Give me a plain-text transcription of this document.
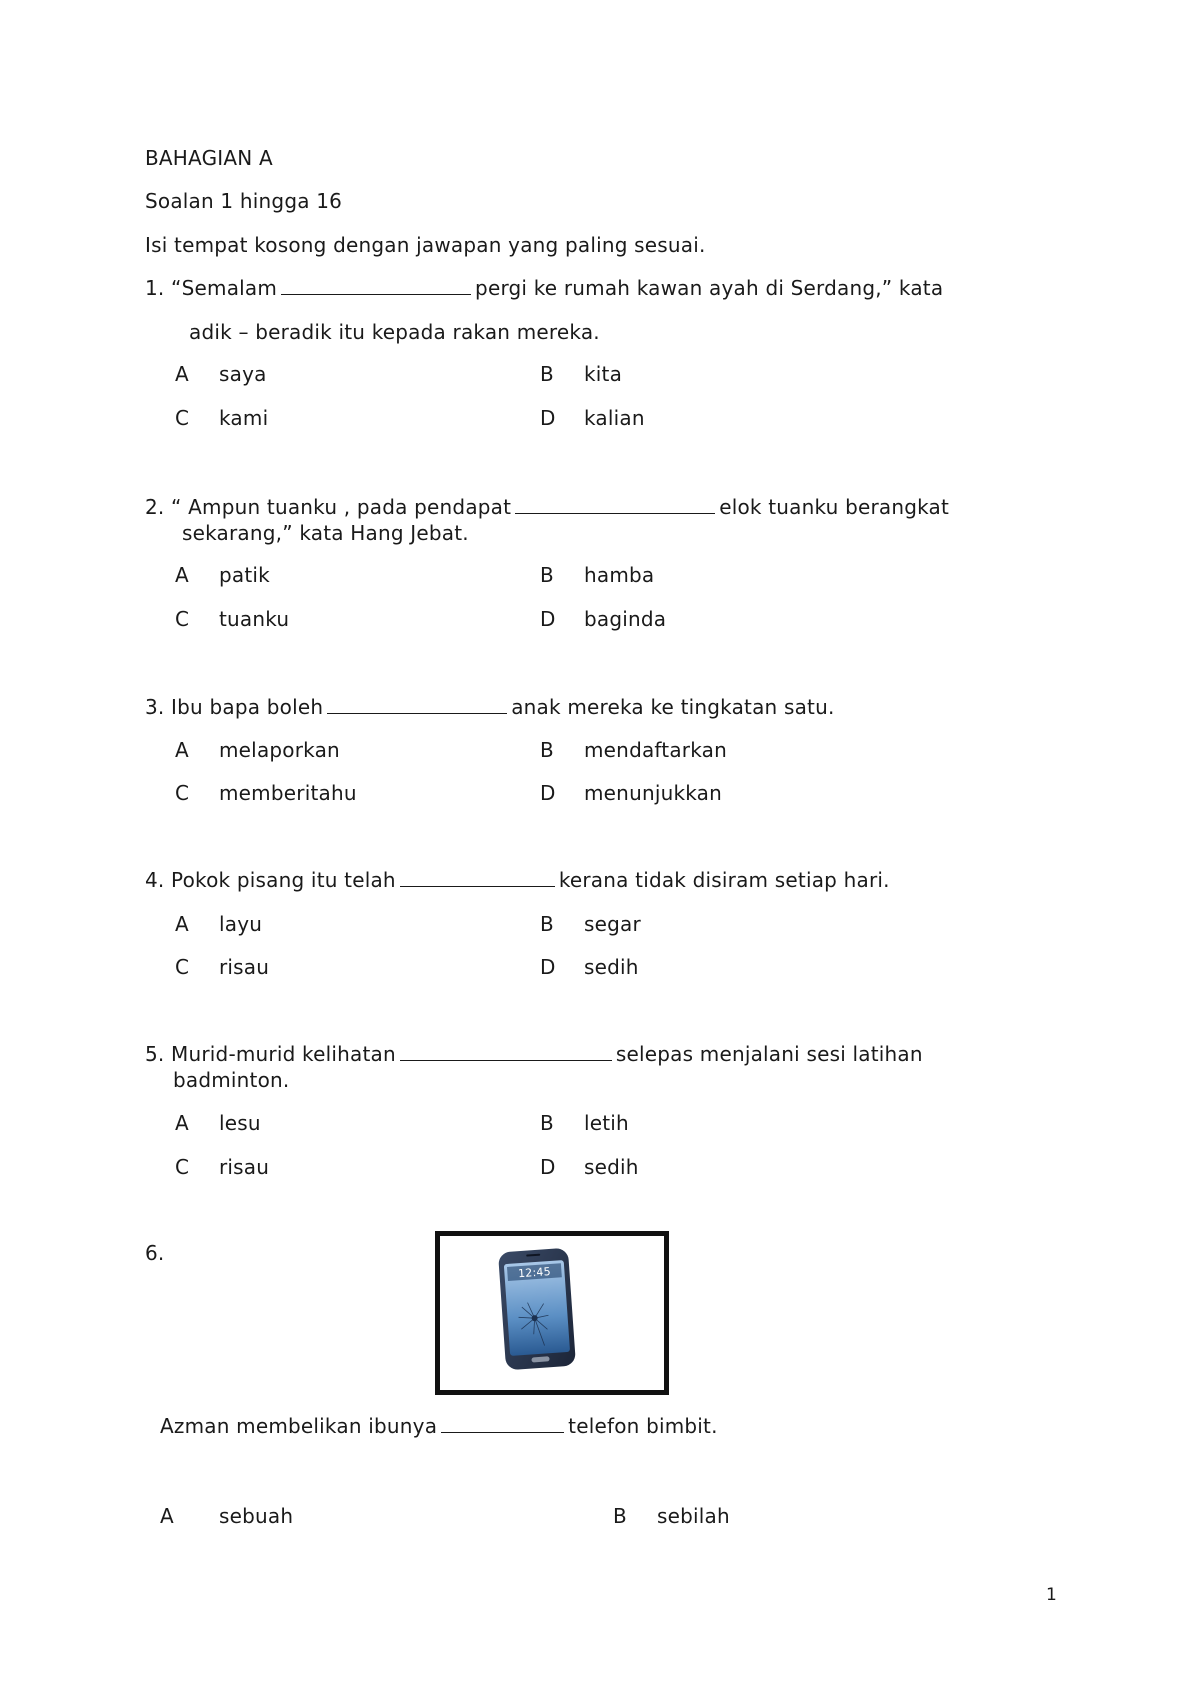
BAHAGIAN A
Soalan 1 hingga 16
Isi tempat kosong dengan jawapan yang paling sesuai.
1. “Semalam	pergi ke rumah kawan ayah di Serdang,” kata
adik – beradik itu kepada rakan mereka.
A saya	B kita
C kami	D kalian
2. “ Ampun tuanku , pada pendapat	elok tuanku berangkat
sekarang,” kata Hang Jebat.
A patik	B hamba
C tuanku	D baginda
3. Ibu bapa boleh	anak mereka ke tingkatan satu.
A melaporkan	B mendaftarkan
C memberitahu	D menunjukkan
4. Pokok pisang itu telah	kerana tidak disiram setiap hari.
A layu	B segar
C risau	D sedih
5. Murid-murid kelihatan	selepas menjalani sesi latihan
badminton.
A lesu	B letih
C risau	D sedih
6.
12:45
Azman membelikan ibunya	telefon bimbit.
A sebuah	B sebilah
1
